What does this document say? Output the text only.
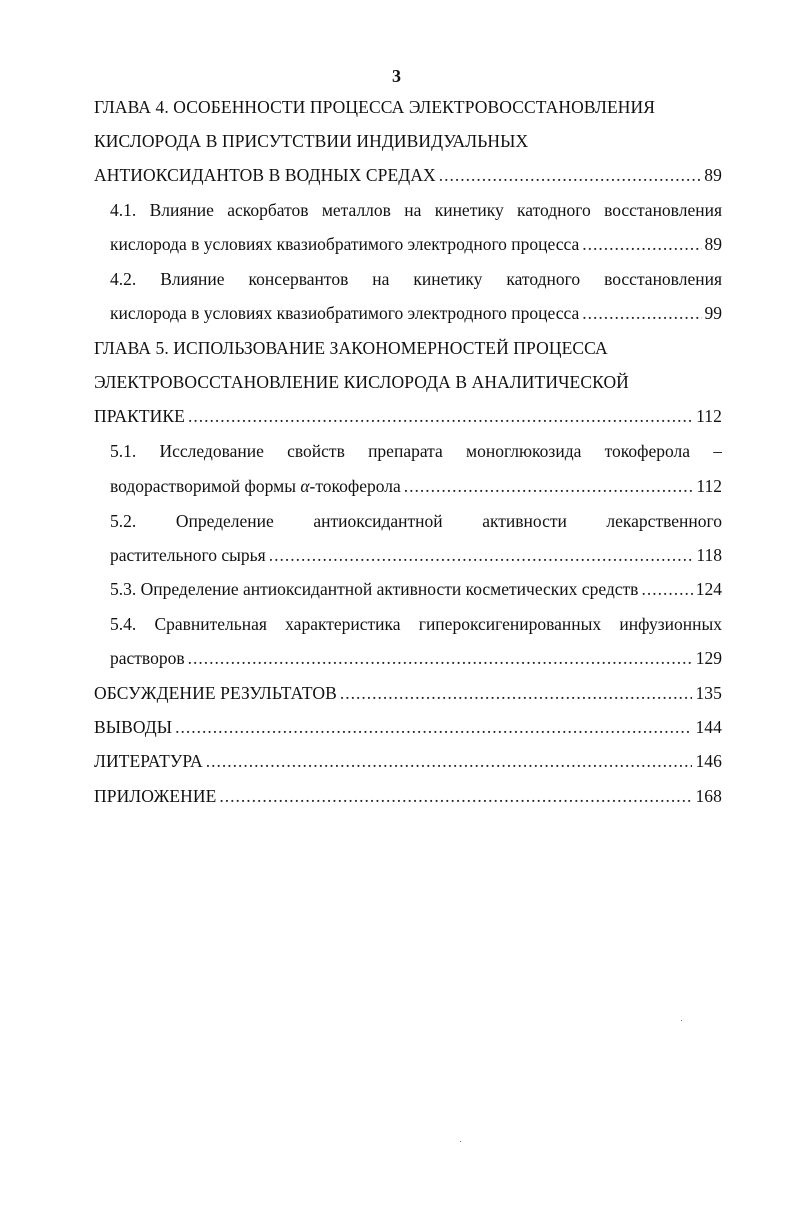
3
ГЛАВА 4. ОСОБЕННОСТИ ПРОЦЕССА ЭЛЕКТРОВОССТАНОВЛЕНИЯ
КИСЛОРОДА В ПРИСУТСТВИИ ИНДИВИДУАЛЬНЫХ
АНТИОКСИДАНТОВ В ВОДНЫХ СРЕДАХ .....	89
4.1. Влияние аскорбатов металлов на кинетику катодного восстановления
кислорода в условиях квазиобратимого электродного процесса .....	89
4.2. Влияние консервантов на кинетику катодного восстановления
кислорода в условиях квазиобратимого электродного процесса .....	99
ГЛАВА 5. ИСПОЛЬЗОВАНИЕ ЗАКОНОМЕРНОСТЕЙ ПРОЦЕССА
ЭЛЕКТРОВОССТАНОВЛЕНИЕ КИСЛОРОДА В АНАЛИТИЧЕСКОЙ
ПРАКТИКЕ .....	112
5.1. Исследование свойств препарата моноглюкозида токоферола –
водорастворимой формы α-токоферола .....	112
5.2. Определение антиоксидантной активности лекарственного
растительного сырья .....	118
5.3. Определение антиоксидантной активности косметических средств .....	124
5.4. Сравнительная характеристика гипероксигенированных инфузионных
растворов .....	129
ОБСУЖДЕНИЕ РЕЗУЛЬТАТОВ .....	135
ВЫВОДЫ .....	144
ЛИТЕРАТУРА .....	146
ПРИЛОЖЕНИЕ .....	168
